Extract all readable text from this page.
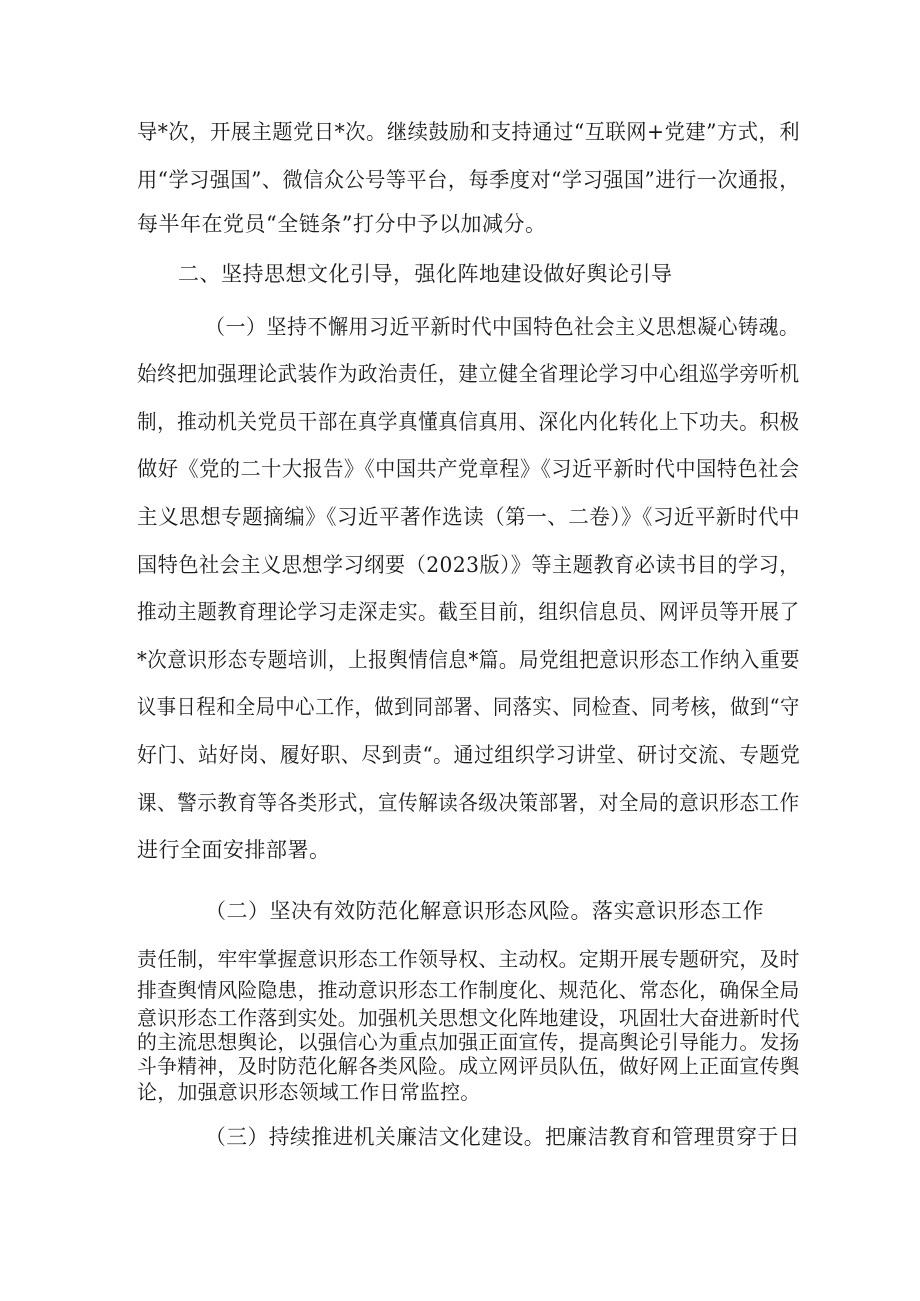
导*次，开展主题党日*次。继续鼓励和支持通过“互联网+党建”方式，利
用“学习强国”、微信众公号等平台，每季度对“学习强国”进行一次通报，
每半年在党员“全链条”打分中予以加减分。
二、坚持思想文化引导，强化阵地建设做好舆论引导
（一）坚持不懈用习近平新时代中国特色社会主义思想凝心铸魂。
始终把加强理论武装作为政治责任，建立健全省理论学习中心组巡学旁听机
制，推动机关党员干部在真学真懂真信真用、深化内化转化上下功夫。积极
做好《党的二十大报告》《中国共产党章程》《习近平新时代中国特色社会
主义思想专题摘编》《习近平著作选读（第一、二卷）》《习近平新时代中
国特色社会主义思想学习纲要（2023版）》等主题教育必读书目的学习，
推动主题教育理论学习走深走实。截至目前，组织信息员、网评员等开展了
*次意识形态专题培训，上报舆情信息*篇。局党组把意识形态工作纳入重要
议事日程和全局中心工作，做到同部署、同落实、同检查、同考核，做到“守
好门、站好岗、履好职、尽到责“。通过组织学习讲堂、研讨交流、专题党
课、警示教育等各类形式，宣传解读各级决策部署，对全局的意识形态工作
进行全面安排部署。
（二）坚决有效防范化解意识形态风险。落实意识形态工作
责任制，牢牢掌握意识形态工作领导权、主动权。定期开展专题研究，及时
排查舆情风险隐患，推动意识形态工作制度化、规范化、常态化，确保全局
意识形态工作落到实处。加强机关思想文化阵地建设，巩固壮大奋进新时代
的主流思想舆论，以强信心为重点加强正面宣传，提高舆论引导能力。发扬
斗争精神，及时防范化解各类风险。成立网评员队伍，做好网上正面宣传舆
论，加强意识形态领域工作日常监控。
（三）持续推进机关廉洁文化建设。把廉洁教育和管理贯穿于日
